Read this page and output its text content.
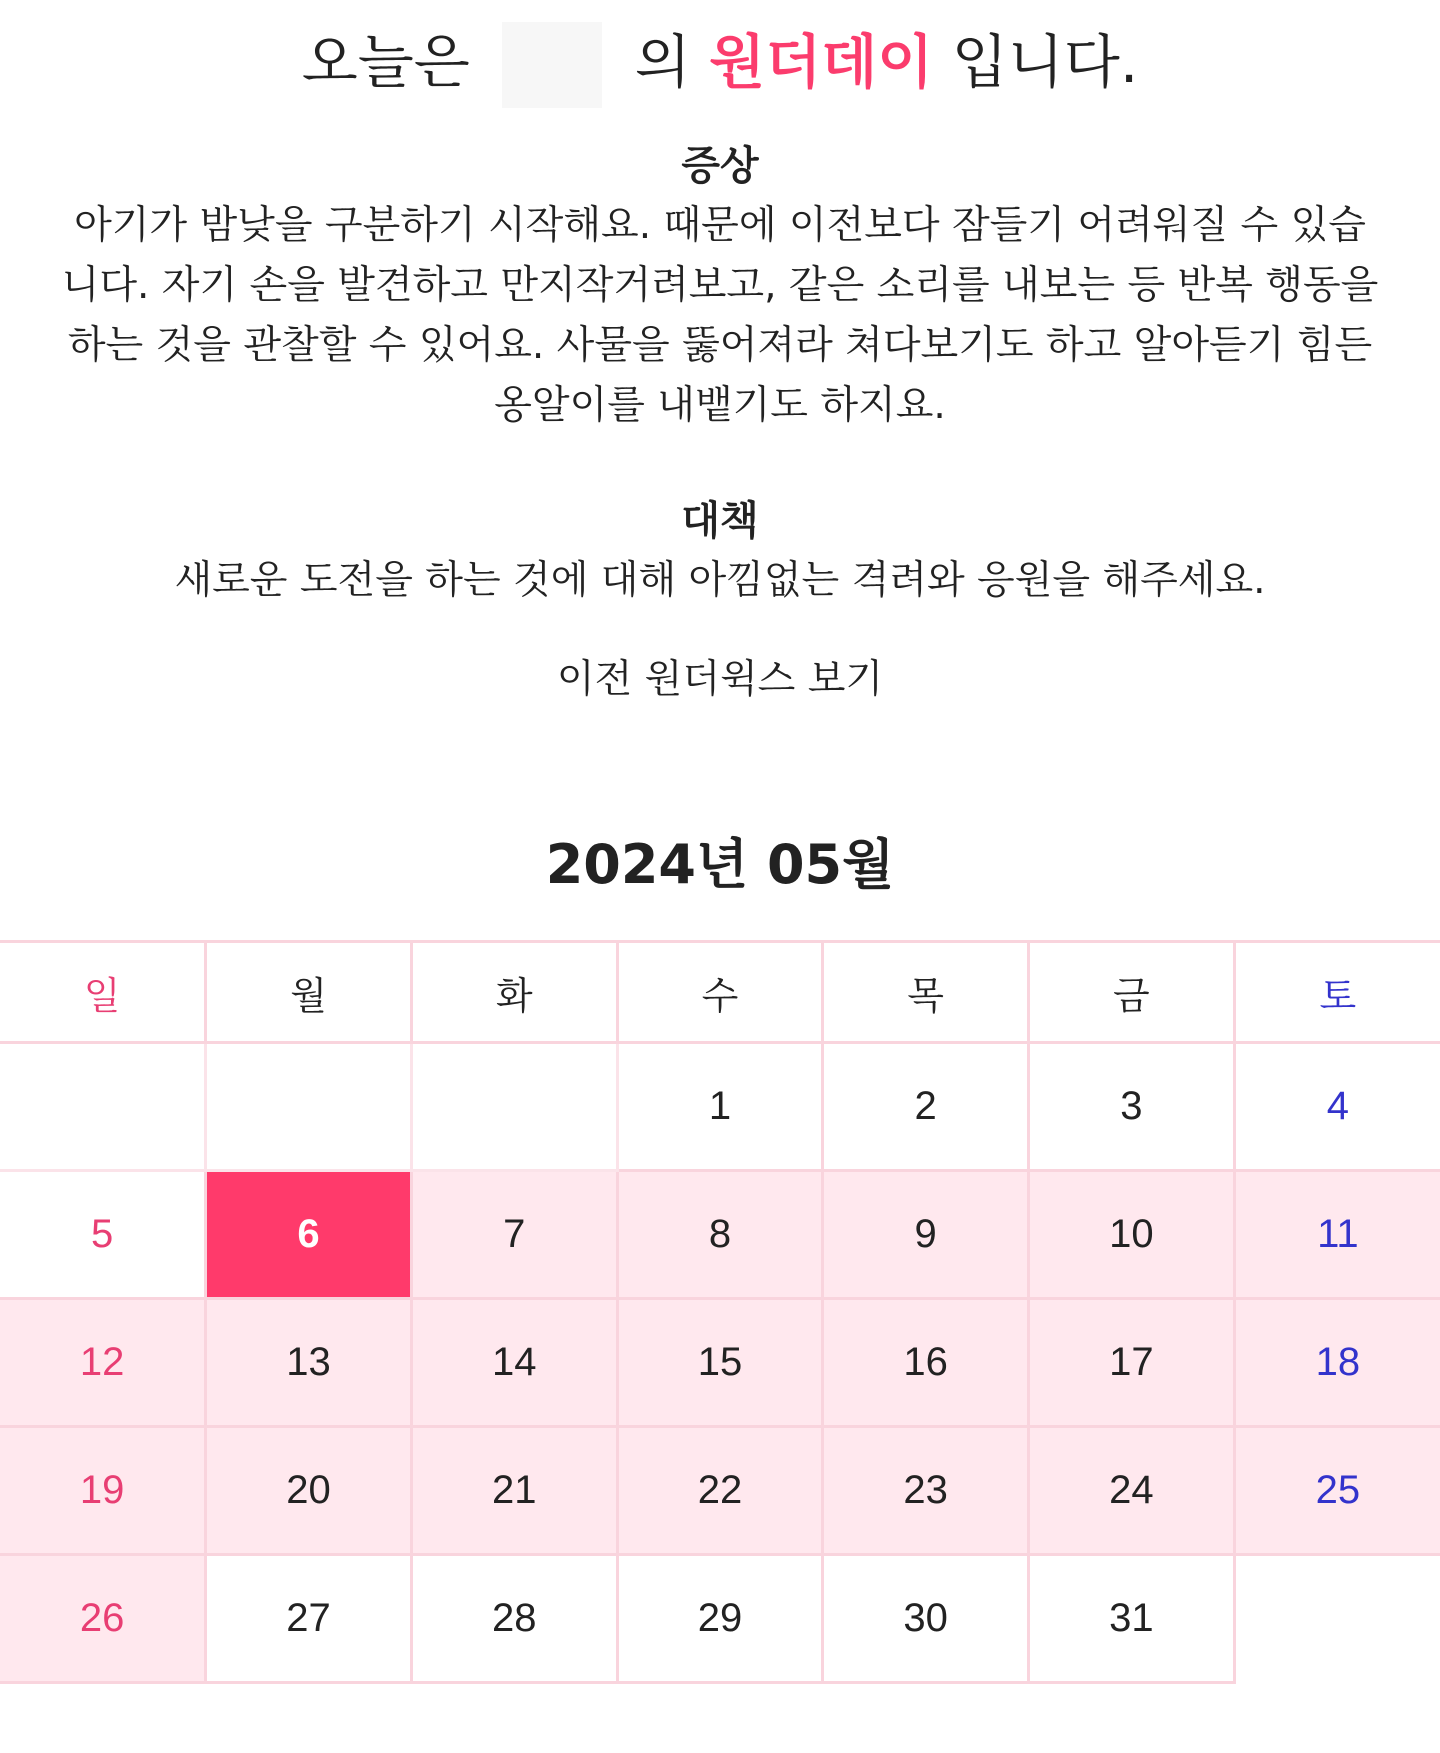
오늘은	의 원더데이 입니다.
증상
아기가 밤낮을 구분하기 시작해요. 때문에 이전보다 잠들기 어려워질 수 있습니다. 자기 손을 발견하고 만지작거려보고, 같은 소리를 내보는 등 반복 행동을 하는 것을 관찰할 수 있어요. 사물을 뚫어져라 쳐다보기도 하고 알아듣기 힘든 옹알이를 내뱉기도 하지요.
대책
새로운 도전을 하는 것에 대해 아낌없는 격려와 응원을 해주세요.
이전 원더윅스 보기
2024년 05월
일	월	화	수	목	금	토
			1	2	3	4
5	6	7	8	9	10	11
12	13	14	15	16	17	18
19	20	21	22	23	24	25
26	27	28	29	30	31	
